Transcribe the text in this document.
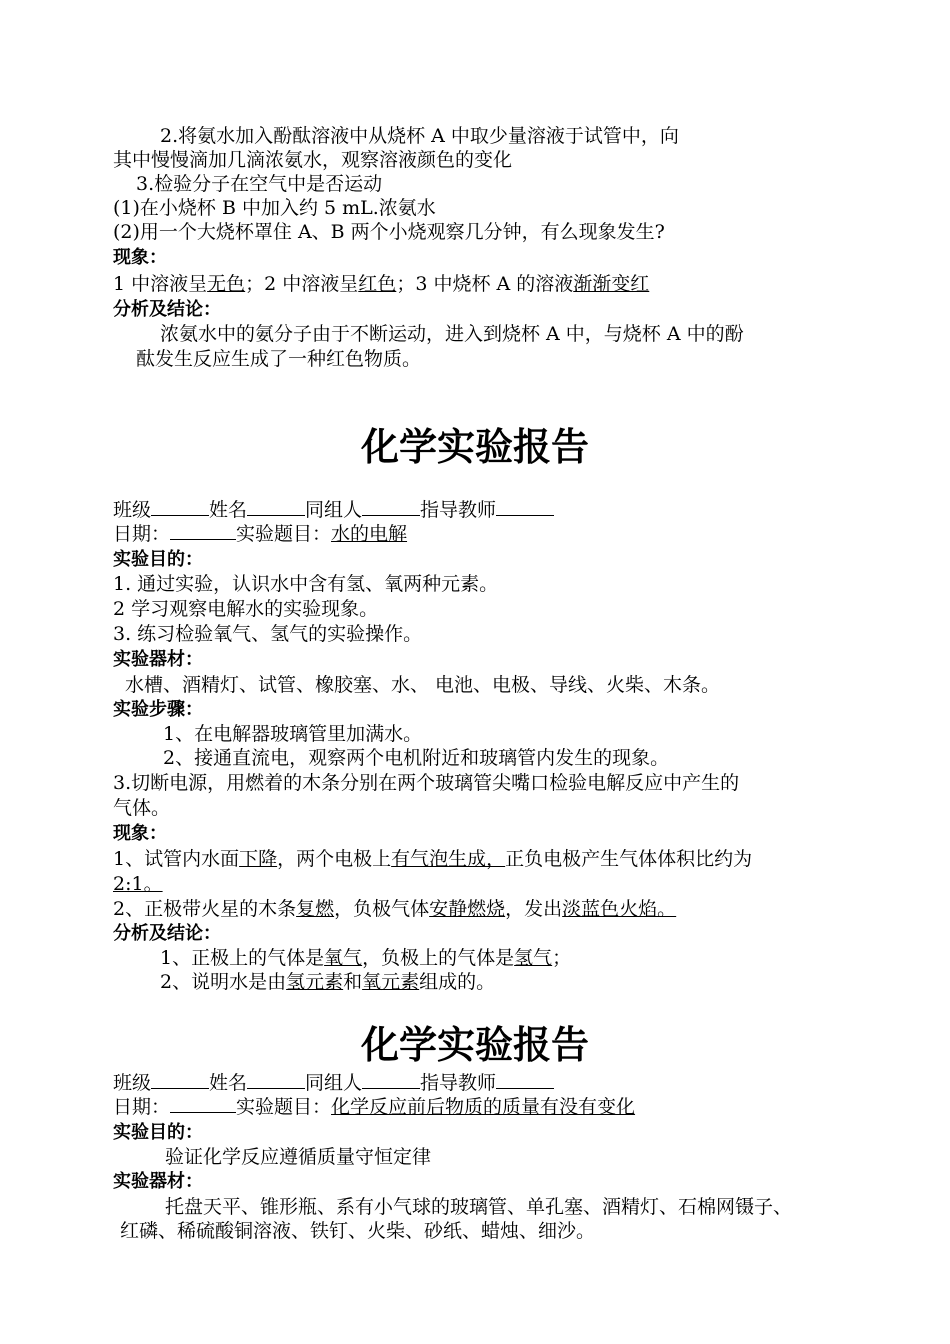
2.将氨水加入酚酞溶液中从烧杯 A 中取少量溶液于试管中，向
其中慢慢滴加几滴浓氨水，观察溶液颜色的变化
3.检验分子在空气中是否运动
(1)在小烧杯 B 中加入约 5 mL.浓氨水
(2)用一个大烧杯罩住 A、B 两个小烧观察几分钟，有么现象发生?
现象：
1 中溶液呈无色；2 中溶液呈红色；3 中烧杯 A 的溶液渐渐变红
分析及结论：
浓氨水中的氨分子由于不断运动，进入到烧杯 A 中，与烧杯 A 中的酚
酞发生反应生成了一种红色物质。
化学实验报告
班级	姓名	同组人	指导教师
日期：	实验题目：水的电解
实验目的：
1. 通过实验，认识水中含有氢、氧两种元素。
2 学习观察电解水的实验现象。
3. 练习检验氧气、氢气的实验操作。
实验器材：
水槽、酒精灯、试管、橡胶塞、水、 电池、电极、导线、火柴、木条。
实验步骤：
1、在电解器玻璃管里加满水。
2、接通直流电，观察两个电机附近和玻璃管内发生的现象。
3.切断电源，用燃着的木条分别在两个玻璃管尖嘴口检验电解反应中产生的
气体。
现象：
1、试管内水面下降，两个电极上有气泡生成，正负电极产生气体体积比约为
2:1。
2、正极带火星的木条复燃，负极气体安静燃烧，发出淡蓝色火焰。
分析及结论：
1、正极上的气体是氧气，负极上的气体是氢气；
2、说明水是由氢元素和氧元素组成的。
化学实验报告
班级	姓名	同组人	指导教师
日期：	实验题目：化学反应前后物质的质量有没有变化
实验目的：
验证化学反应遵循质量守恒定律
实验器材：
托盘天平、锥形瓶、系有小气球的玻璃管、单孔塞、酒精灯、石棉网镊子、
红磷、稀硫酸铜溶液、铁钉、火柴、砂纸、蜡烛、细沙。
